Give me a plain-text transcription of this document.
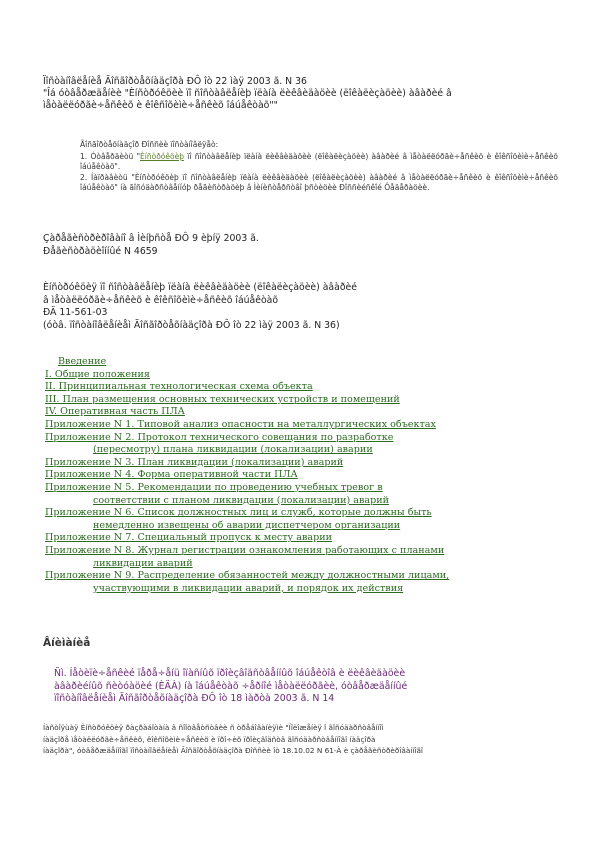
Ïîñòàíîâëåíèå Ãîñãîðòåõíàäçîðà ÐÔ îò 22 ìàÿ 2003 ã. N 36
"Îá óòâåðæäåíèè "Èíñòðóêöèè ïî ñîñòàâëåíèþ ïëàíà ëèêâèäàöèè (ëîêàëèçàöèè) àâàðèé â
ìåòàëëóðãè÷åñêèõ è êîêñîõèìè÷åñêèõ îáúåêòàõ""
Ãîñãîðòåõíàäçîð Ðîññèè ïîñòàíîâëÿåò:
1. Óòâåðäèòü "Èíñòðóêöèþ ïî ñîñòàâëåíèþ ïëàíà ëèêâèäàöèè (ëîêàëèçàöèè) àâàðèé â ìåòàëëóðãè÷åñêèõ è êîêñîõèìè÷åñêèõ îáúåêòàõ".
2. Íàïðàâèòü "Èíñòðóêöèþ ïî ñîñòàâëåíèþ ïëàíà ëèêâèäàöèè (ëîêàëèçàöèè) àâàðèé â ìåòàëëóðãè÷åñêèõ è êîêñîõèìè÷åñêèõ îáúåêòàõ" íà ãîñóäàðñòâåííóþ ðåãèñòðàöèþ â Ìèíèñòåðñòâî þñòèöèè Ðîññèéñêîé Ôåäåðàöèè.
Çàðåãèñòðèðîâàíî â Ìèíþñòå ÐÔ 9 èþíÿ 2003 ã.
Ðåãèñòðàöèîííûé N 4659
Èíñòðóêöèÿ ïî ñîñòàâëåíèþ ïëàíà ëèêâèäàöèè (ëîêàëèçàöèè) àâàðèé
â ìåòàëëóðãè÷åñêèõ è êîêñîõèìè÷åñêèõ îáúåêòàõ
ÐÄ 11-561-03
(óòâ. ïîñòàíîâëåíèåì Ãîñãîðòåõíàäçîðà ÐÔ îò 22 ìàÿ 2003 ã. N 36)
Введение
I. Общие положения
II. Принципиальная технологическая схема объекта
III. План размещения основных технических устройств и помещений
IV. Оперативная часть ПЛА
Приложение N 1. Типовой анализ опасности на металлургических объектах
Приложение N 2. Протокол технического совещания по разработке
(пересмотру) плана ликвидации (локализации) аварии
Приложение N 3. План ликвидации (локализации) аварий
Приложение N 4. Форма оперативной части ПЛА
Приложение N 5. Рекомендации по проведению учебных тревог в
соответствии с планом ликвидации (локализации) аварий
Приложение N 6. Список должностных лиц и служб, которые должны быть
немедленно извещены об аварии диспетчером организации
Приложение N 7. Специальный пропуск к месту аварии
Приложение N 8. Журнал регистрации ознакомления работающих с планами
ликвидации аварий
Приложение N 9. Распределение обязанностей между должностными лицами,
участвующими в ликвидации аварий, и порядок их действия
Âíèìàíèå
Ñì. Íåòèïè÷åñêèé ïåðå÷åíü îïàñíûõ ïðîèçâîäñòâåííûõ îáúåêòîâ è ëèêâèäàöèè
àâàðèéíûõ ñèòóàöèé (ÈÄÀ) íà îáúåêòàõ ÷åðíîé ìåòàëëóðãèè, óòâåðæäåííûé
ïîñòàíîâëåíèåì Ãîñãîðòåõíàäçîðà ÐÔ îò 18 ìàðòà 2003 ã. N 14
Íàñòîÿùàÿ Èíñòðóêöèÿ ðàçðàáîòàíà â ñîîòâåòñòâèè ñ òðåáîâàíèÿìè "Ïîëîæåíèÿ î ãîñóäàðñòâåííîì
íàäçîðå ìåòàëëóðãè÷åñêèõ, êîêñîõèìè÷åñêèõ è ïðî÷èõ ïðîèçâîäñòâ ãîñóäàðñòâåííîãî íàäçîðà
íàäçîðà", óòâåðæäåííîãî ïîñòàíîâëåíèåì Ãîñãîðòåõíàäçîðà Ðîññèè îò 18.10.02 N 61-À è çàðåãèñòðèðîâàííîãî
